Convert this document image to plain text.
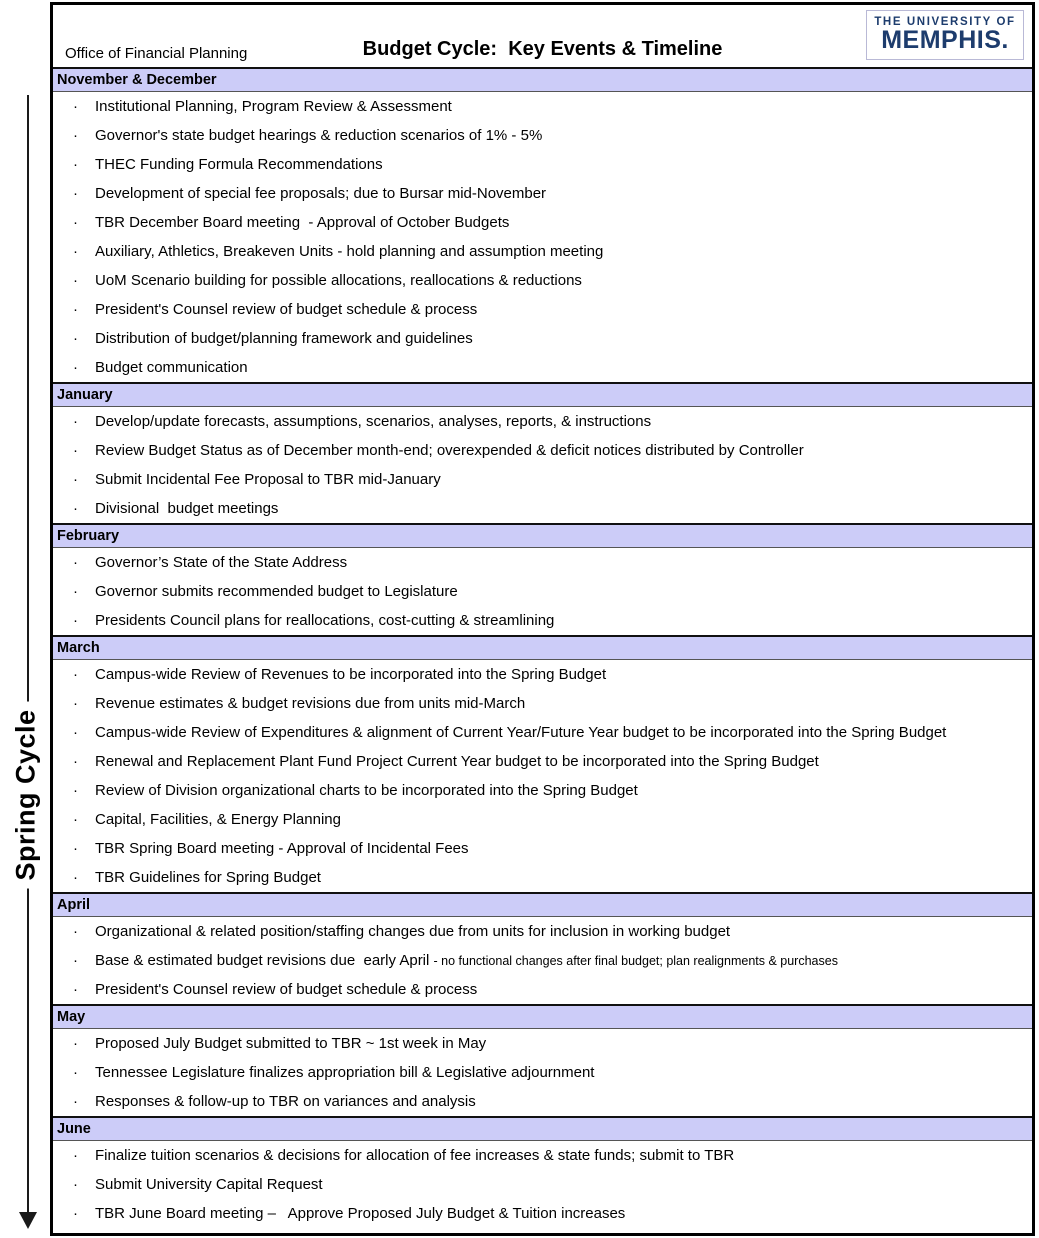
Spring Cycle
Office of Financial Planning	Budget Cycle:  Key Events & Timeline
THE UNIVERSITY OF
MEMPHIS.
November & December
·	Institutional Planning, Program Review & Assessment
·	Governor's state budget hearings & reduction scenarios of 1% - 5%
·	THEC Funding Formula Recommendations
·	Development of special fee proposals; due to Bursar mid-November
·	TBR December Board meeting  - Approval of October Budgets
·	Auxiliary, Athletics, Breakeven Units - hold planning and assumption meeting
·	UoM Scenario building for possible allocations, reallocations & reductions
·	President's Counsel review of budget schedule & process
·	Distribution of budget/planning framework and guidelines
·	Budget communication
January
·	Develop/update forecasts, assumptions, scenarios, analyses, reports, & instructions
·	Review Budget Status as of December month-end; overexpended & deficit notices distributed by Controller
·	Submit Incidental Fee Proposal to TBR mid-January
·	Divisional  budget meetings
February
·	Governor’s State of the State Address
·	Governor submits recommended budget to Legislature
·	Presidents Council plans for reallocations, cost-cutting & streamlining
March
·	Campus-wide Review of Revenues to be incorporated into the Spring Budget
·	Revenue estimates & budget revisions due from units mid-March
·	Campus-wide Review of Expenditures & alignment of Current Year/Future Year budget to be incorporated into the Spring Budget
·	Renewal and Replacement Plant Fund Project Current Year budget to be incorporated into the Spring Budget
·	Review of Division organizational charts to be incorporated into the Spring Budget
·	Capital, Facilities, & Energy Planning
·	TBR Spring Board meeting - Approval of Incidental Fees
·	TBR Guidelines for Spring Budget
April
·	Organizational & related position/staffing changes due from units for inclusion in working budget
·	Base & estimated budget revisions due  early April - no functional changes after final budget; plan realignments & purchases
·	President's Counsel review of budget schedule & process
May
·	Proposed July Budget submitted to TBR ~ 1st week in May
·	Tennessee Legislature finalizes appropriation bill & Legislative adjournment
·	Responses & follow-up to TBR on variances and analysis
June
·	Finalize tuition scenarios & decisions for allocation of fee increases & state funds; submit to TBR
·	Submit University Capital Request
·	TBR June Board meeting –   Approve Proposed July Budget & Tuition increases
